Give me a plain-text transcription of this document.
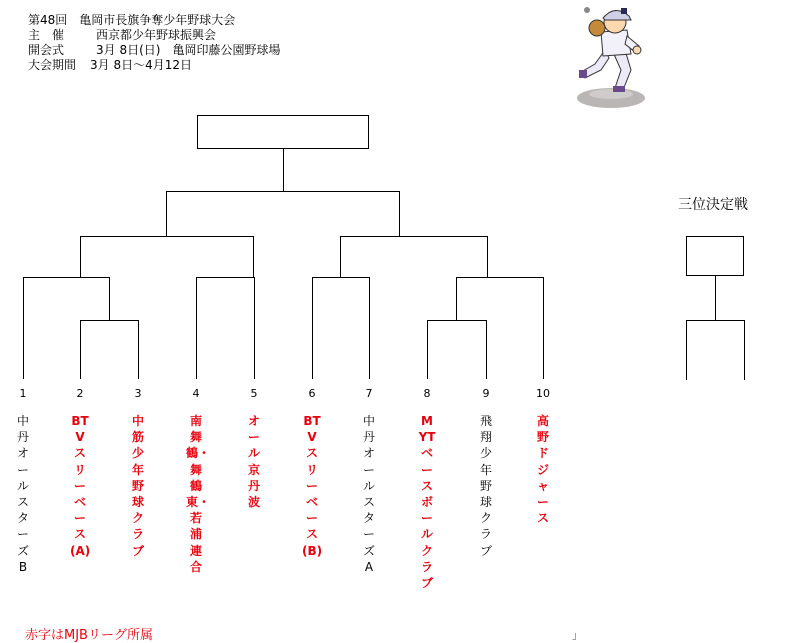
第48回　亀岡市長旗争奪少年野球大会
主　催	西京都少年野球振興会
開会式	3月 8日(日)　亀岡印藤公園野球場
大会期間 3月 8日〜4月12日
三位決定戦
1	2	3	4	5	6	7	8	9	10
中丹オールスターズB
BTVスリーベース(A)
中筋少年野球クラブ
南舞鶴・舞鶴東・若浦連合
オール京丹波
BTVスリーベース(B)
中丹オールスターズA
MYTベースボールクラブ
飛翔少年野球クラブ
高野ドジャース
赤字はMJBリーグ所属	」
